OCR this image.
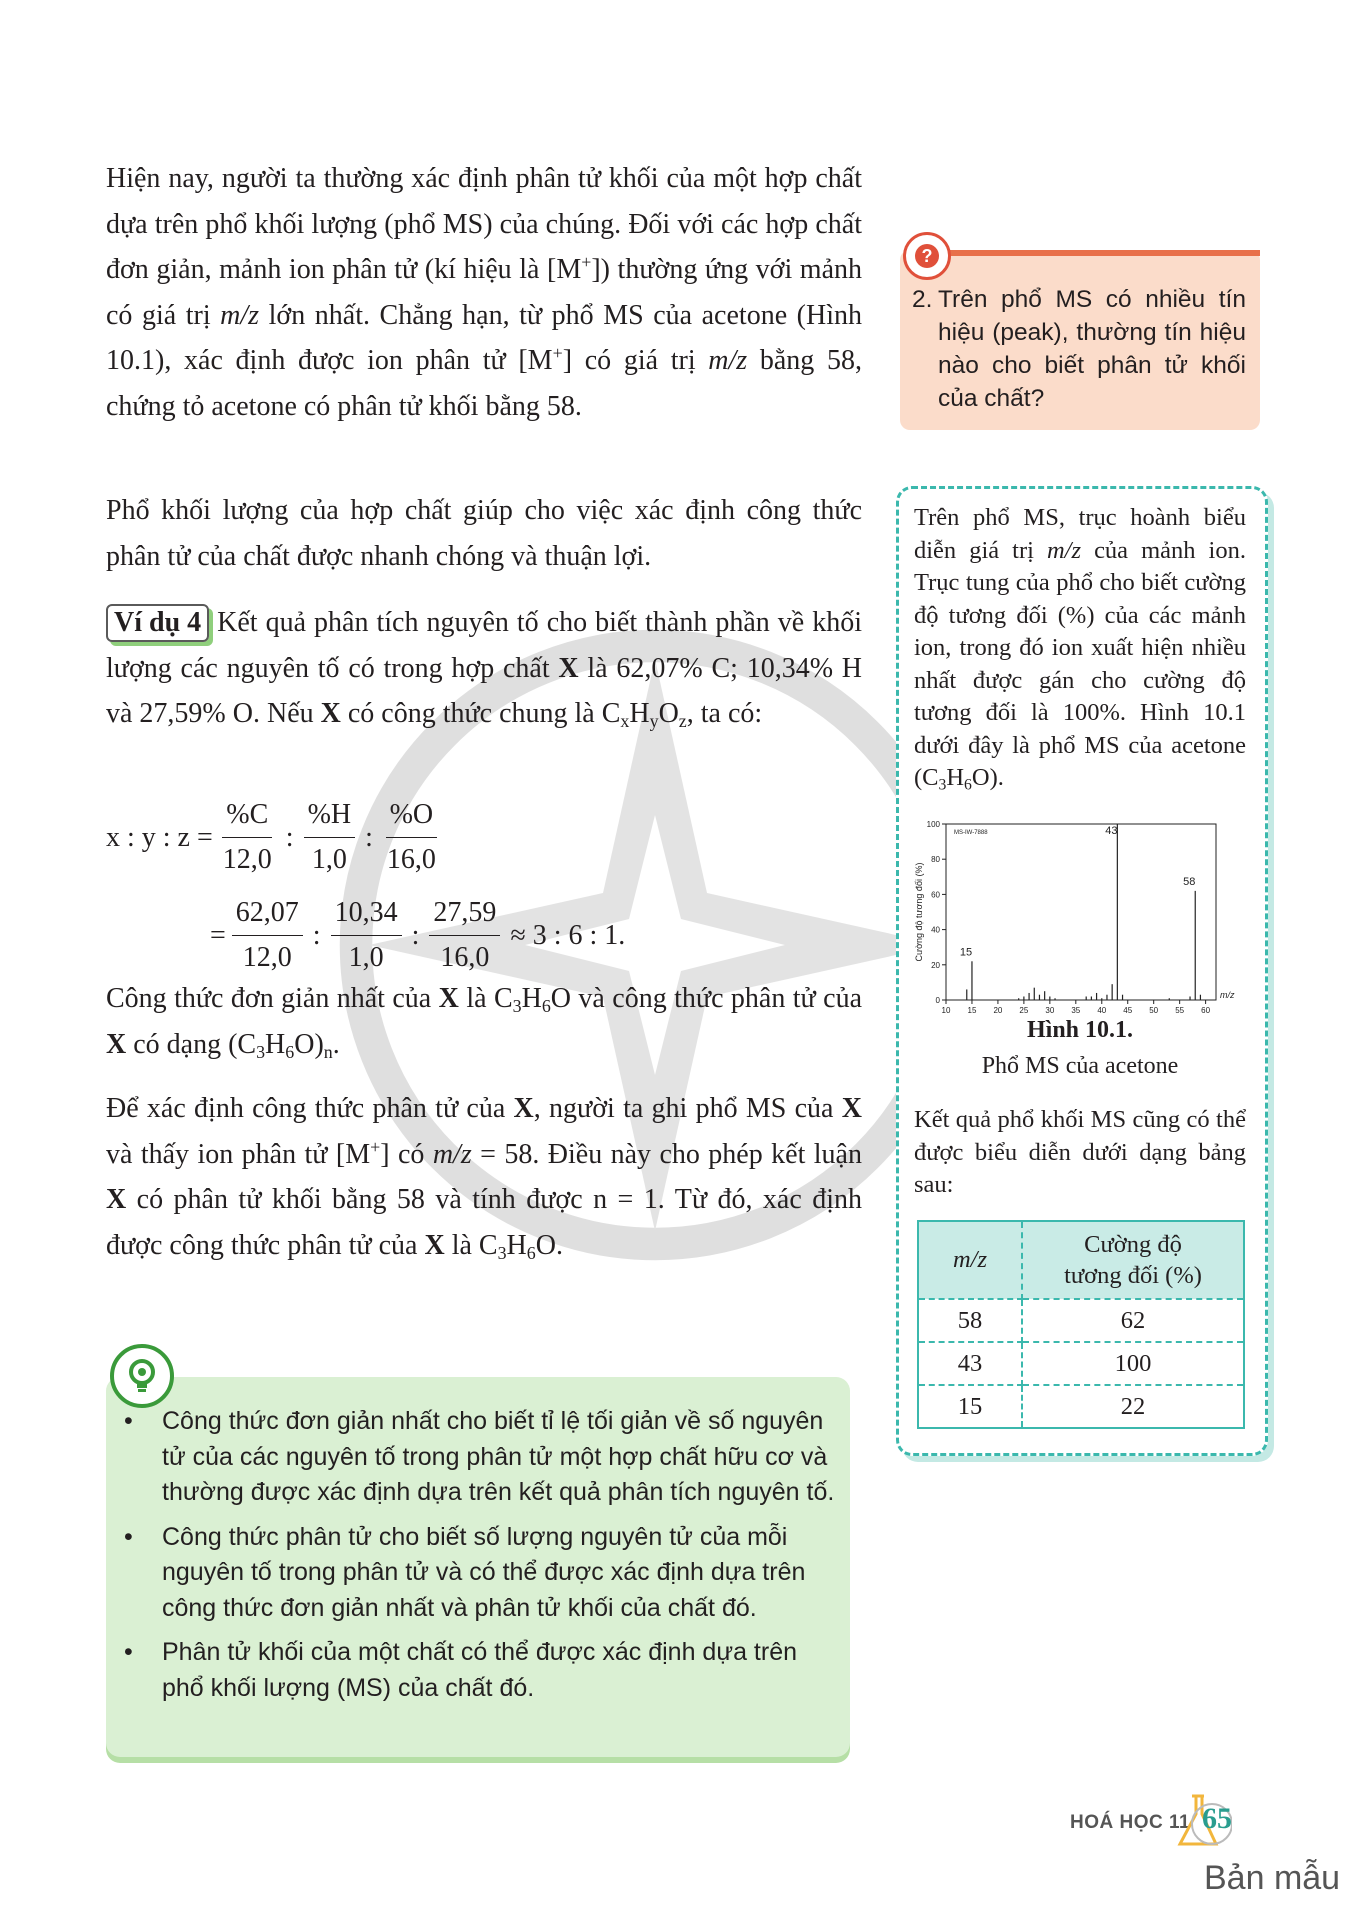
Hiện nay, người ta thường xác định phân tử khối của một hợp chất dựa trên phổ khối lượng (phổ MS) của chúng. Đối với các hợp chất đơn giản, mảnh ion phân tử (kí hiệu là [M+]) thường ứng với mảnh có giá trị m/z lớn nhất. Chẳng hạn, từ phổ MS của acetone (Hình 10.1), xác định được ion phân tử [M+] có giá trị m/z bằng 58, chứng tỏ acetone có phân tử khối bằng 58.

Phổ khối lượng của hợp chất giúp cho việc xác định công thức phân tử của chất được nhanh chóng và thuận lợi.

Ví dụ 4 Kết quả phân tích nguyên tố cho biết thành phần về khối lượng các nguyên tố có trong hợp chất X là 62,07% C; 10,34% H và 27,59% O. Nếu X có công thức chung là $C_xH_yO_z$, ta có:

x : y : $z = \frac{\%C}{12,0}$ : $\frac{\%H}{1,0}$ : $\frac{\%O}{16,0}$
= $\frac{62,07}{12,0}$ : $\frac{10,34}{1,0}$ : $\frac{27,59}{16,0} \approx 3$ : 6 : 1.

Công thức đơn giản nhất của X là $C_3H_6O$ và công thức phân tử của X có dạng $(C_3H_6O)_n$.

Để xác định công thức phân tử của X, người ta ghi phổ MS của X và thấy ion phân tử [M+] có m/z = 58. Điều này cho phép kết luận X có phân tử khối bằng 58 và tính được n = 1. Từ đó, xác định được công thức phân tử của X là $C_3H_6O$.

?
2. Trên phổ MS có nhiều tín hiệu (peak), thường tín hiệu nào cho biết phân tử khối của chất?
Trên phổ MS, trục hoành biểu diễn giá trị m/z của mảnh ion. Trục tung của phổ cho biết cường độ tương đối (%) của các mảnh ion, trong đó ion xuất hiện nhiều nhất được gán cho cường độ tương đối là 100%. Hình 10.1 dưới đây là phổ MS của acetone $(C_3H_6O)$.
0
20
40
60
80
100
10 15 20 25 30 35 40 45 50 55 60
15
43
58
MS-IW-7888
m/z
Cường độ tương đối (%)
Hình 10.1.
Phổ MS của acetone
Kết quả phổ khối MS cũng có thể được biểu diễn dưới dạng bảng sau:
m/z	Cường độ
tương đối (%)
58	62
43	100
15	22
• Công thức đơn giản nhất cho biết tỉ lệ tối giản về số nguyên tử của các nguyên tố trong phân tử một hợp chất hữu cơ và thường được xác định dựa trên kết quả phân tích nguyên tố.
• Công thức phân tử cho biết số lượng nguyên tử của mỗi nguyên tố trong phân tử và có thể được xác định dựa trên công thức đơn giản nhất và phân tử khối của chất đó.
• Phân tử khối của một chất có thể được xác định dựa trên phổ khối lượng (MS) của chất đó.
HOÁ HỌC 11 65
Bản mẫu
